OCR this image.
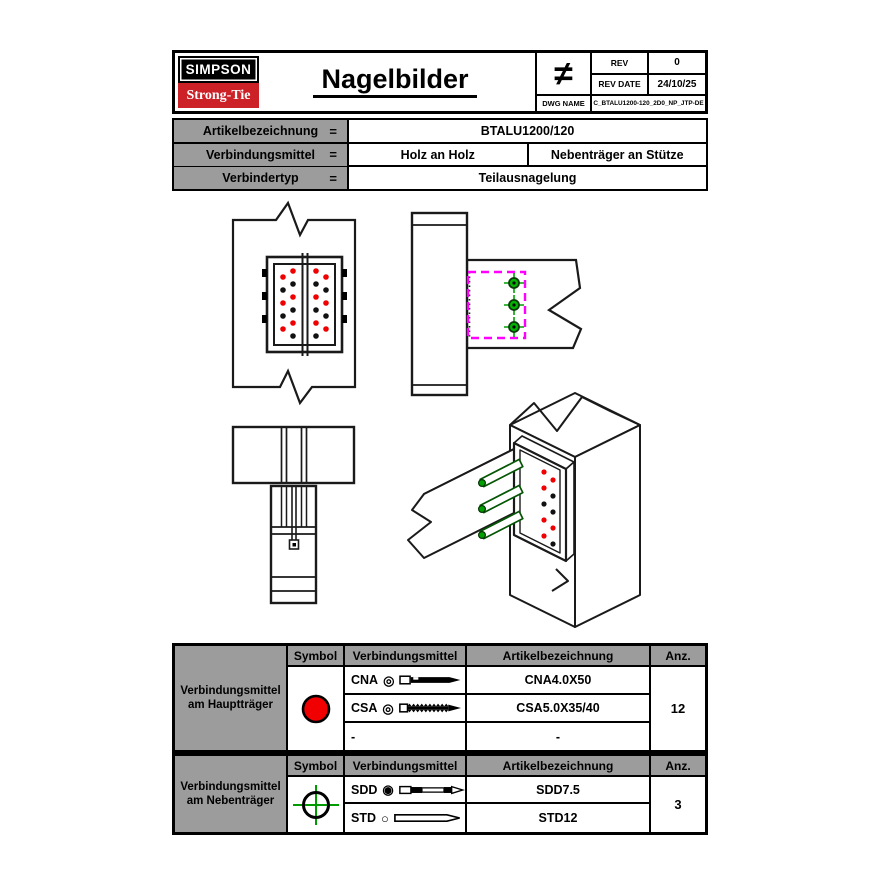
SIMPSON
Strong-Tie
Nagelbilder	≠	REV	0
REV DATE	24/10/25
DWG NAME	C_BTALU1200-120_2D0_NP_JTP-DE
Artikelbezeichnung =	BTALU1200/120
Verbindungsmittel =	Holz an Holz	Nebenträger an Stütze
Verbindertyp =	Teilausnagelung
Verbindungsmittel am Hauptträger
Symbol	Verbindungsmittel	Artikelbezeichnung	Anz.
CNA ◎	CNA4.0X50
CSA ◎	CSA5.0X35/40
-	-
12
Verbindungsmittel am Nebenträger
Symbol	Verbindungsmittel	Artikelbezeichnung	Anz.
SDD ◉	SDD7.5
STD ○	STD12
3
